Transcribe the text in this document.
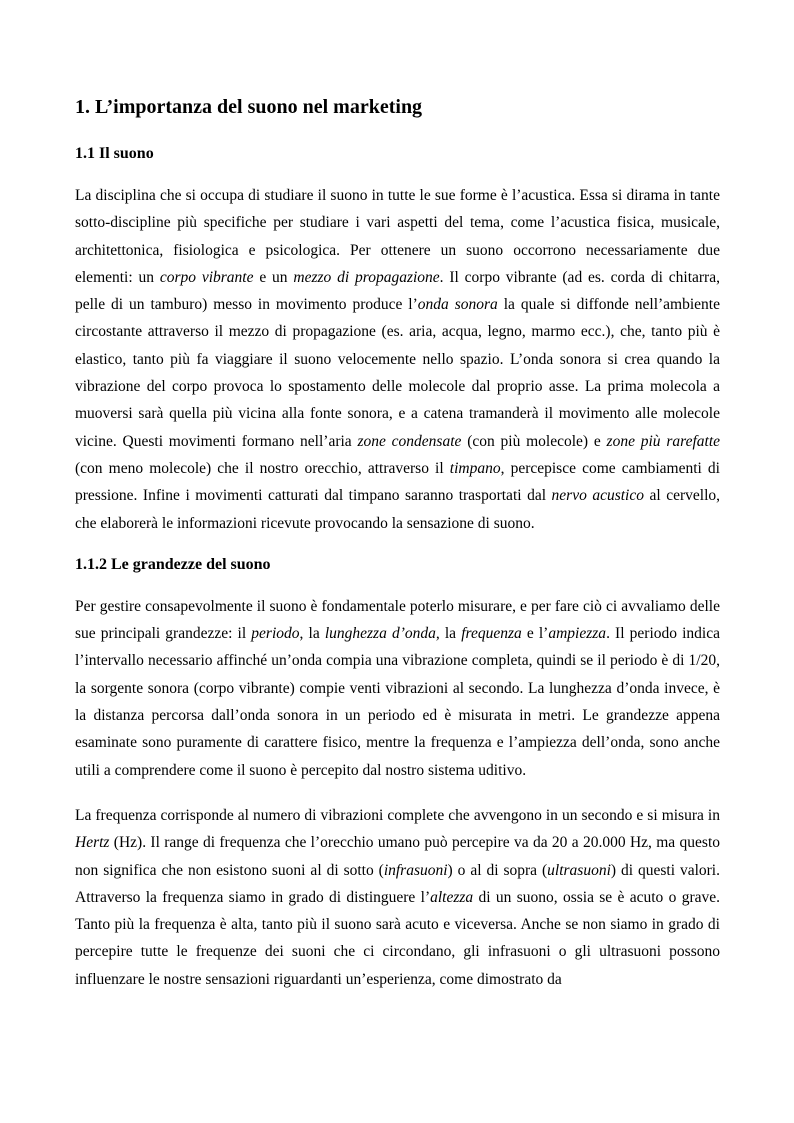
1. L’importanza del suono nel marketing
1.1 Il suono

La disciplina che si occupa di studiare il suono in tutte le sue forme è l’acustica. Essa si dirama in tante sotto-discipline più specifiche per studiare i vari aspetti del tema, come l’acustica fisica, musicale, architettonica, fisiologica e psicologica. Per ottenere un suono occorrono necessariamente due elementi: un corpo vibrante e un mezzo di propagazione. Il corpo vibrante (ad es. corda di chitarra, pelle di un tamburo) messo in movimento produce l’onda sonora la quale si diffonde nell’ambiente circostante attraverso il mezzo di propagazione (es. aria, acqua, legno, marmo ecc.), che, tanto più è elastico, tanto più fa viaggiare il suono velocemente nello spazio. L’onda sonora si crea quando la vibrazione del corpo provoca lo spostamento delle molecole dal proprio asse. La prima molecola a muoversi sarà quella più vicina alla fonte sonora, e a catena tramanderà il movimento alle molecole vicine. Questi movimenti formano nell’aria zone condensate (con più molecole) e zone più rarefatte (con meno molecole) che il nostro orecchio, attraverso il timpano, percepisce come cambiamenti di pressione. Infine i movimenti catturati dal timpano saranno trasportati dal nervo acustico al cervello, che elaborerà le informazioni ricevute provocando la sensazione di suono.

1.1.2 Le grandezze del suono

Per gestire consapevolmente il suono è fondamentale poterlo misurare, e per fare ciò ci avvaliamo delle sue principali grandezze: il periodo, la lunghezza d’onda, la frequenza e l’ampiezza. Il periodo indica l’intervallo necessario affinché un’onda compia una vibrazione completa, quindi se il periodo è di 1/20, la sorgente sonora (corpo vibrante) compie venti vibrazioni al secondo. La lunghezza d’onda invece, è la distanza percorsa dall’onda sonora in un periodo ed è misurata in metri. Le grandezze appena esaminate sono puramente di carattere fisico, mentre la frequenza e l’ampiezza dell’onda, sono anche utili a comprendere come il suono è percepito dal nostro sistema uditivo.

La frequenza corrisponde al numero di vibrazioni complete che avvengono in un secondo e si misura in Hertz (Hz). Il range di frequenza che l’orecchio umano può percepire va da 20 a 20.000 Hz, ma questo non significa che non esistono suoni al di sotto (infrasuoni) o al di sopra (ultrasuoni) di questi valori. Attraverso la frequenza siamo in grado di distinguere l’altezza di un suono, ossia se è acuto o grave. Tanto più la frequenza è alta, tanto più il suono sarà acuto e viceversa. Anche se non siamo in grado di percepire tutte le frequenze dei suoni che ci circondano, gli infrasuoni o gli ultrasuoni possono influenzare le nostre sensazioni riguardanti un’esperienza, come dimostrato da
